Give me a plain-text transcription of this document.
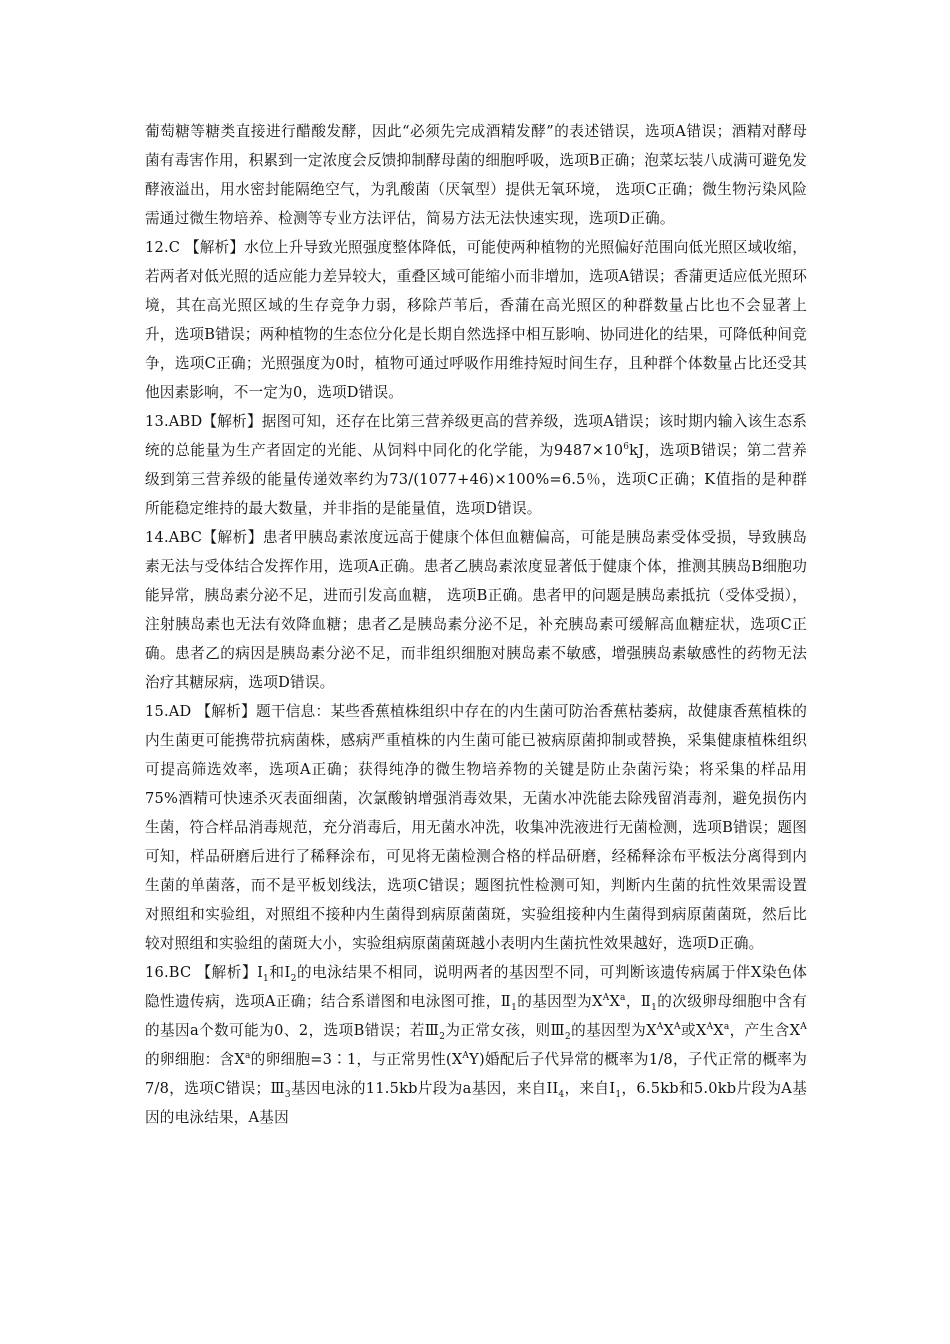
葡萄糖等糖类直接进行醋酸发酵，因此“必须先完成酒精发酵”的表述错误，选项A错误；酒精对酵母菌有毒害作用，积累到一定浓度会反馈抑制酵母菌的细胞呼吸，选项B正确；泡菜坛装八成满可避免发酵液溢出，用水密封能隔绝空气，为乳酸菌（厌氧型）提供无氧环境， 选项C正确；微生物污染风险需通过微生物培养、检测等专业方法评估，简易方法无法快速实现，选项D正确。

12.C 【解析】水位上升导致光照强度整体降低，可能使两种植物的光照偏好范围向低光照区域收缩，若两者对低光照的适应能力差异较大，重叠区域可能缩小而非增加，选项A错误；香蒲更适应低光照环境，其在高光照区域的生存竞争力弱，移除芦苇后，香蒲在高光照区的种群数量占比也不会显著上升，选项B错误；两种植物的生态位分化是长期自然选择中相互影响、协同进化的结果，可降低种间竞争，选项C正确；光照强度为0时，植物可通过呼吸作用维持短时间生存，且种群个体数量占比还受其他因素影响，不一定为0，选项D错误。

13.ABD【解析】据图可知，还存在比第三营养级更高的营养级，选项A错误；该时期内输入该生态系统的总能量为生产者固定的光能、从饲料中同化的化学能，为$9487\times 10^6kJ$，选项B错误；第二营养级到第三营养级的能量传递效率约为73/(1077+46)×100%=6.5％，选项C正确；K值指的是种群所能稳定维持的最大数量，并非指的是能量值，选项D错误。

14.ABC【解析】患者甲胰岛素浓度远高于健康个体但血糖偏高，可能是胰岛素受体受损，导致胰岛素无法与受体结合发挥作用，选项A正确。患者乙胰岛素浓度显著低于健康个体，推测其胰岛B细胞功能异常，胰岛素分泌不足，进而引发高血糖， 选项B正确。患者甲的问题是胰岛素抵抗（受体受损），注射胰岛素也无法有效降血糖；患者乙是胰岛素分泌不足，补充胰岛素可缓解高血糖症状，选项C正确。患者乙的病因是胰岛素分泌不足，而非组织细胞对胰岛素不敏感，增强胰岛素敏感性的药物无法治疗其糖尿病，选项D错误。

15.AD 【解析】题干信息：某些香蕉植株组织中存在的内生菌可防治香蕉枯萎病，故健康香蕉植株的内生菌更可能携带抗病菌株，感病严重植株的内生菌可能已被病原菌抑制或替换，采集健康植株组织可提高筛选效率，选项A正确；获得纯净的微生物培养物的关键是防止杂菌污染；将采集的样品用75%酒精可快速杀灭表面细菌，次氯酸钠增强消毒效果，无菌水冲洗能去除残留消毒剂，避免损伤内生菌，符合样品消毒规范，充分消毒后，用无菌水冲洗，收集冲洗液进行无菌检测，选项B错误；题图可知，样品研磨后进行了稀释涂布，可见将无菌检测合格的样品研磨，经稀释涂布平板法分离得到内生菌的单菌落，而不是平板划线法，选项C错误；题图抗性检测可知，判断内生菌的抗性效果需设置对照组和实验组，对照组不接种内生菌得到病原菌菌斑，实验组接种内生菌得到病原菌菌斑，然后比较对照组和实验组的菌斑大小，实验组病原菌菌斑越小表明内生菌抗性效果越好，选项D正确。

16.BC 【解析】$I_1$和$Ⅰ_2$的电泳结果不相同，说明两者的基因型不同，可判断该遗传病属于伴X染色体隐性遗传病，选项A正确；结合系谱图和电泳图可推，$Ⅱ_1$的基因型为$X^AX^a$，$Ⅱ_1$的次级卵母细胞中含有的基因a个数可能为0、2，选项B错误；若$Ⅲ_2$为正常女孩，则$Ⅲ_2$的基因型为$X^AX^A$或$X^AX^a$，产生含$X^A$的卵细胞：含$X^a$的卵细胞=3∶1，与正常男性$(X^AY)$婚配后子代异常的概率为1/8，子代正常的概率为7/8，选项C错误；$Ⅲ_3$基因电泳的11.5kb片段为a基因，来自$II_4$，来自$I_1$，6.5kb和5.0kb片段为A基因的电泳结果，A基因
